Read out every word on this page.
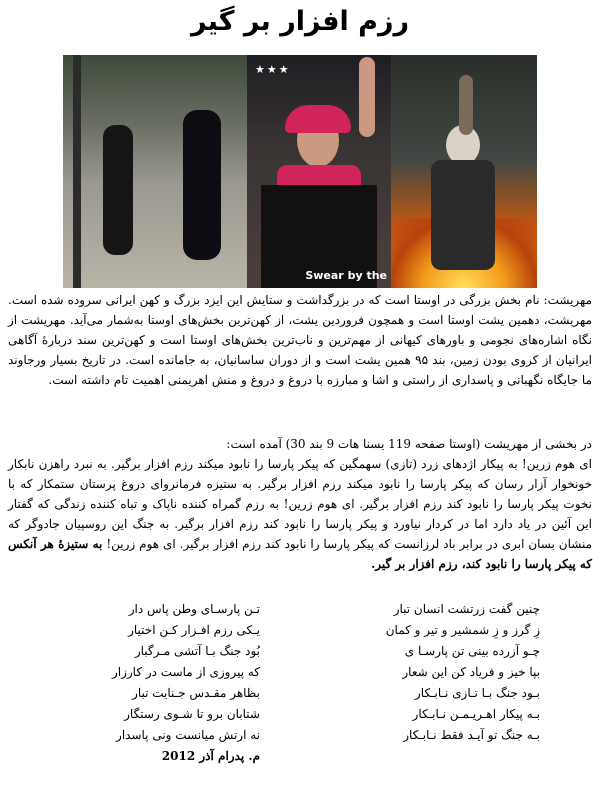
رزم افزار بر گیر
★★★
Swear by the

مهریشت: نام بخش بزرگی در اوستا است که در بزرگداشت و ستایش این ایزد بزرگ و کهن ایرانی سروده شده است. مهریشت، دهمین یشت اوستا است و همچون فروردین یشت، از کهن‌ترین بخش‌های اوستا به‌شمار می‌آید. مهریشت از نگاه اشاره‌های نجومی و باورهای کیهانی از مهم‌ترین و ناب‌ترین بخش‌های اوستا است و کهن‌ترین سند دربارهٔ آگاهی ایرانیان از کروی بودن زمین، بند ۹۵ همین یشت است و از دوران ساسانیان، به جامانده است. در تاریخ بسیار ورجاوند ما جایگاه نگهبانی و پاسداری از راستی و اشا و مبارزه با دروغ و دروغ و منش اهریمنی اهمیت تام داشته است.

در بخشی از مهریشت (اوستا صفحه 119 یسنا هات 9 بند 30) آمده است:
ای هوم زرین! به پیکار اژدهای زرد (تازی) سهمگین که پیکر پارسا را نابود میکند رزم افزار برگیر. به نبرد راهزن نابکار خونخوار آزار رسان که پیکر پارسا را نابود میکند رزم افزار برگیر. به ستیزه فرمانروای دروغ پرستان ستمکار که با نخوت پیکر پارسا را نابود کند رزم افزار برگیر. ای هوم زرین! به رزم گمراه کننده ناپاک و تباه کننده زندگی که گفتار این آئین در یاد دارد اما در کردار نیاورد و پیکر پارسا را نابود کند رزم افزار برگیر. به جنگ این روسپیان جادوگر که منشان بسان ابری در برابر باد لرزانست که پیکر پارسا را نابود کند رزم افزار برگیر. ای هوم زرین! به ستیزهٔ هر آنکس که پیکر پارسا را نابود کند، رزم افزار بر گیر.

چنین گفت زرتشت انسان تبار
تـن پارسـای وطن پاس دار
زِ گرز و زِ شمشیر و تیر و کمان
یـکی رزم افـزار کـن اختیار
چـو آزرده بینی تن پارسـا ی
بُود جنگ بـا آتشی مـرگبار
بپا خیز و فریاد کن این شعار
که پیروزی از ماست در کارزار
بـود جنگ بـا تـازی نـابـکار
بظاهر مقـدس جـنایت تبار
بـه پیکار اهـریـمـن نـابـکار
شتابان برو تا شـوی رستگار
بـه جنگ تو آیـد فقط نـابـکار
نه ارتش میانست ونی پاسدار
م. پدرام آذر 2012
